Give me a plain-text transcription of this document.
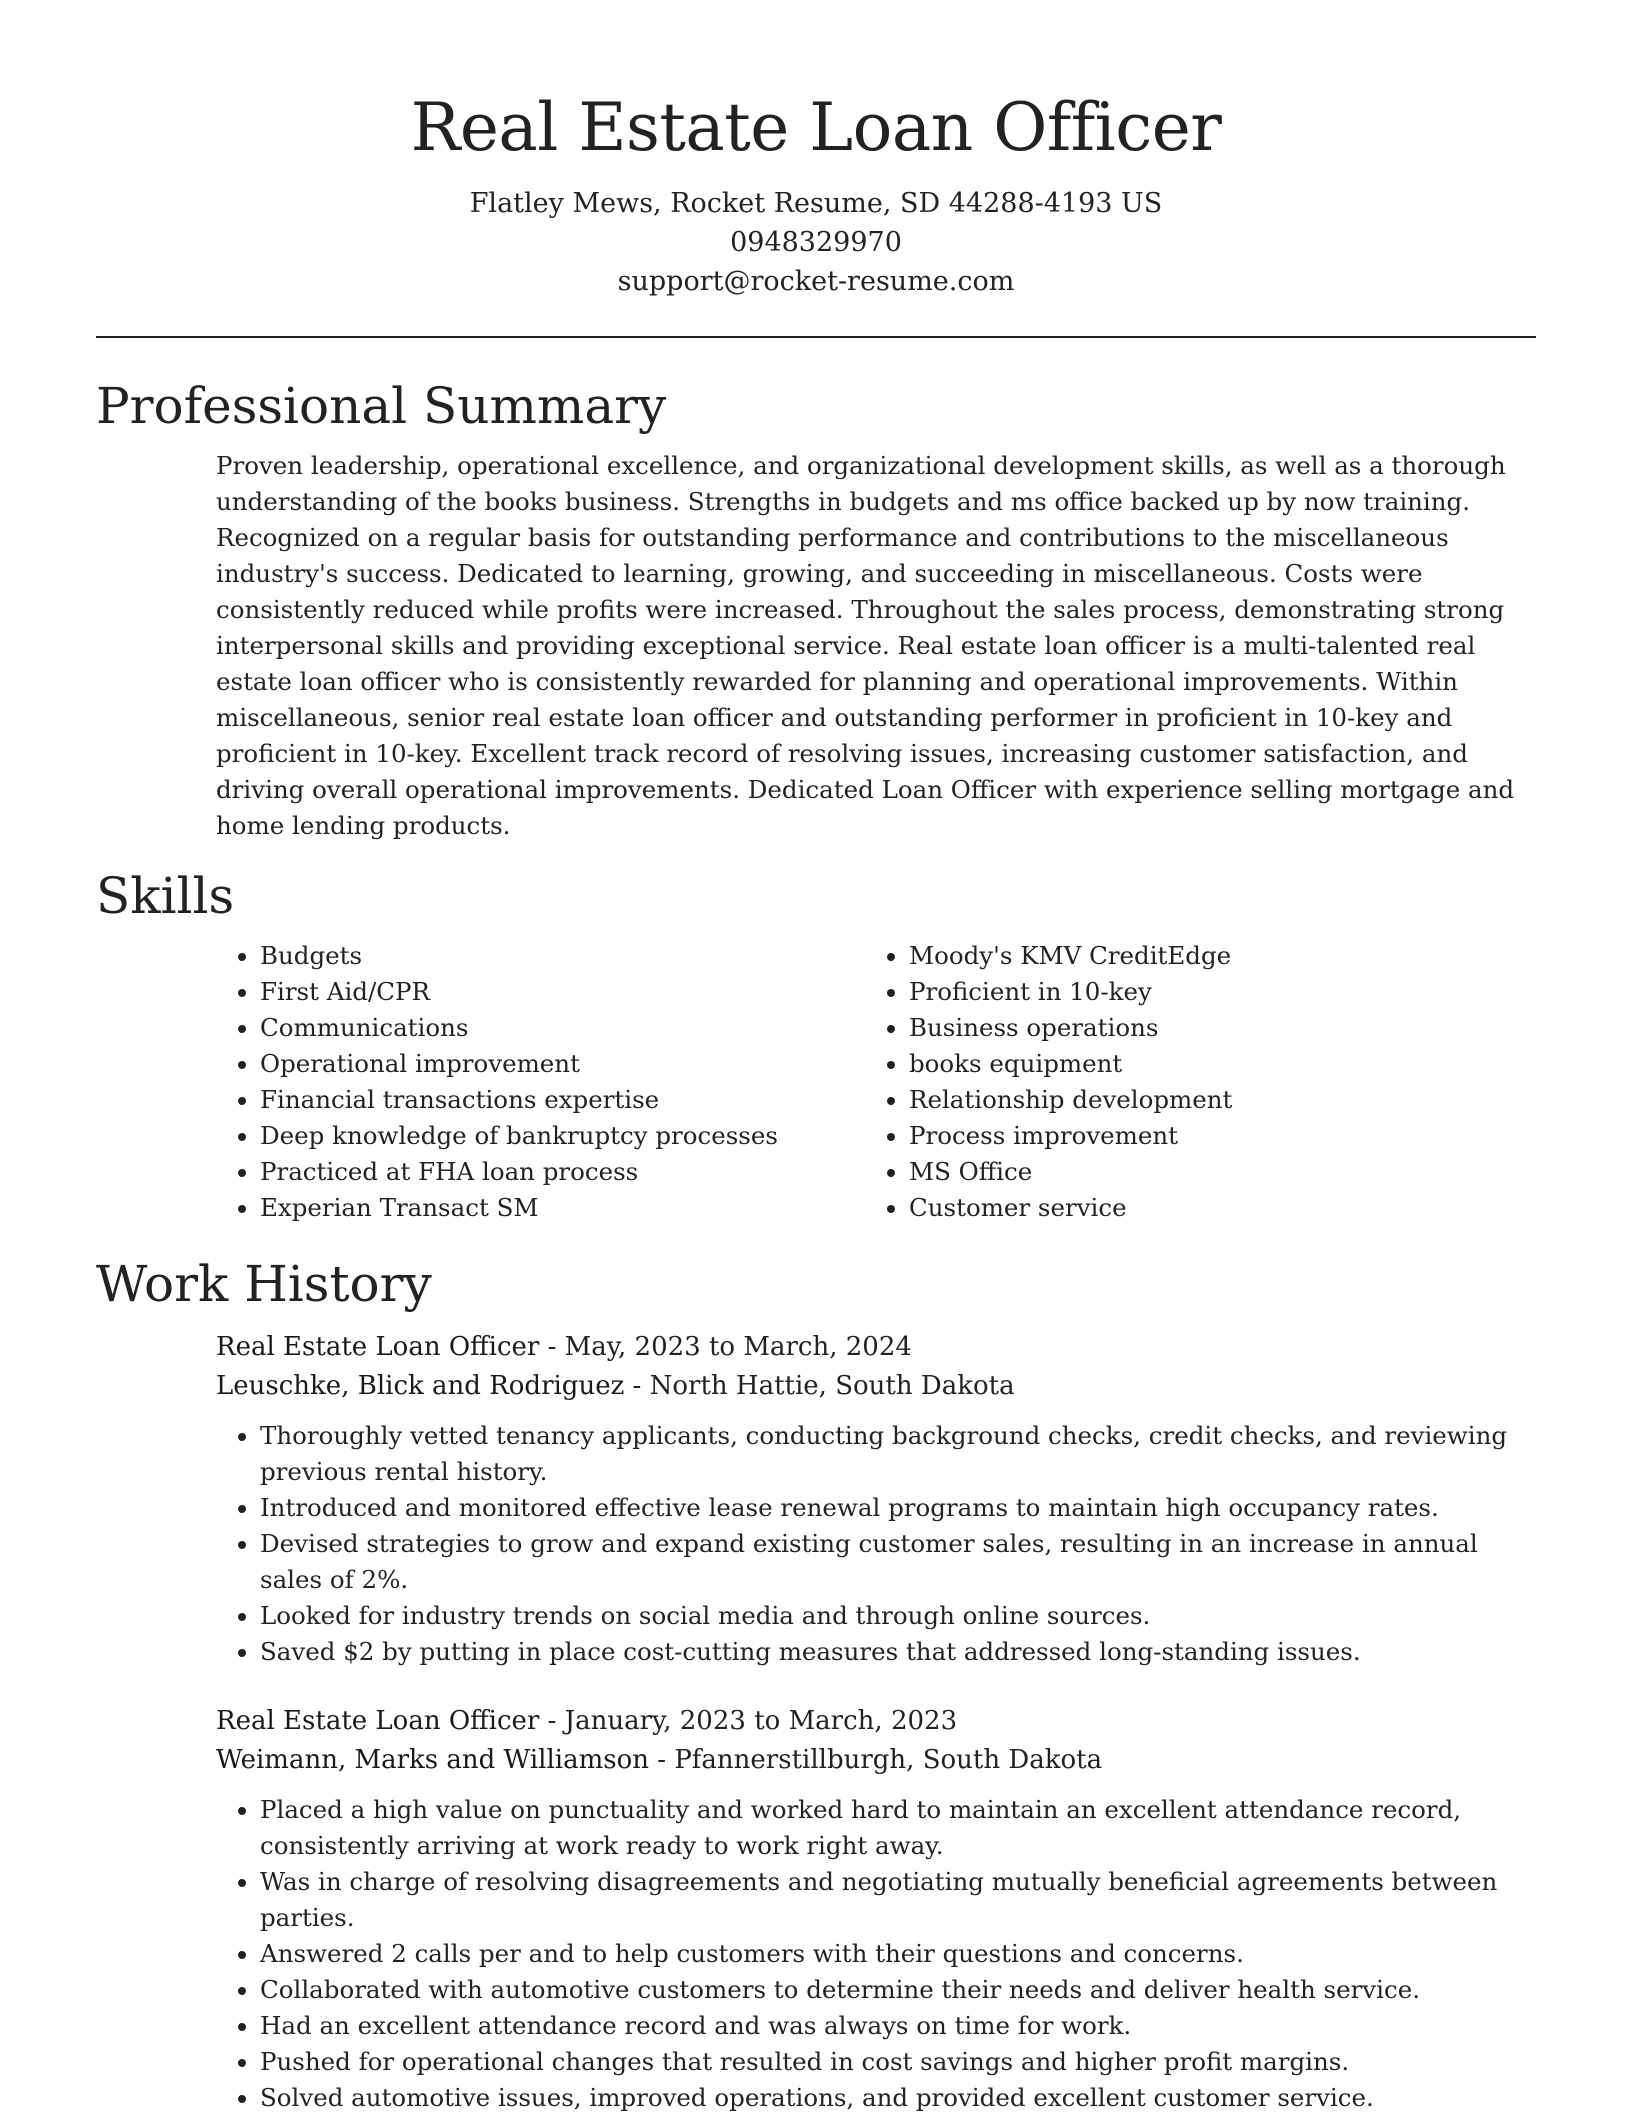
Real Estate Loan Officer
Flatley Mews, Rocket Resume, SD 44288-4193 US
0948329970
support@rocket-resume.com
Professional Summary
Proven leadership, operational excellence, and organizational development skills, as well as a thorough understanding of the books business. Strengths in budgets and ms office backed up by now training. Recognized on a regular basis for outstanding performance and contributions to the miscellaneous industry's success. Dedicated to learning, growing, and succeeding in miscellaneous. Costs were consistently reduced while profits were increased. Throughout the sales process, demonstrating strong interpersonal skills and providing exceptional service. Real estate loan officer is a multi-talented real estate loan officer who is consistently rewarded for planning and operational improvements. Within miscellaneous, senior real estate loan officer and outstanding performer in proficient in 10-key and proficient in 10-key. Excellent track record of resolving issues, increasing customer satisfaction, and driving overall operational improvements. Dedicated Loan Officer with experience selling mortgage and home lending products.
Skills
• Budgets
• First Aid/CPR
• Communications
• Operational improvement
• Financial transactions expertise
• Deep knowledge of bankruptcy processes
• Practiced at FHA loan process
• Experian Transact SM
• Moody's KMV CreditEdge
• Proficient in 10-key
• Business operations
• books equipment
• Relationship development
• Process improvement
• MS Office
• Customer service
Work History
Real Estate Loan Officer - May, 2023 to March, 2024
Leuschke, Blick and Rodriguez - North Hattie, South Dakota
• Thoroughly vetted tenancy applicants, conducting background checks, credit checks, and reviewing previous rental history.
• Introduced and monitored effective lease renewal programs to maintain high occupancy rates.
• Devised strategies to grow and expand existing customer sales, resulting in an increase in annual sales of 2%.
• Looked for industry trends on social media and through online sources.
• Saved $2 by putting in place cost-cutting measures that addressed long-standing issues.
Real Estate Loan Officer - January, 2023 to March, 2023
Weimann, Marks and Williamson - Pfannerstillburgh, South Dakota
• Placed a high value on punctuality and worked hard to maintain an excellent attendance record, consistently arriving at work ready to work right away.
• Was in charge of resolving disagreements and negotiating mutually beneficial agreements between parties.
• Answered 2 calls per and to help customers with their questions and concerns.
• Collaborated with automotive customers to determine their needs and deliver health service.
• Had an excellent attendance record and was always on time for work.
• Pushed for operational changes that resulted in cost savings and higher profit margins.
• Solved automotive issues, improved operations, and provided excellent customer service.
